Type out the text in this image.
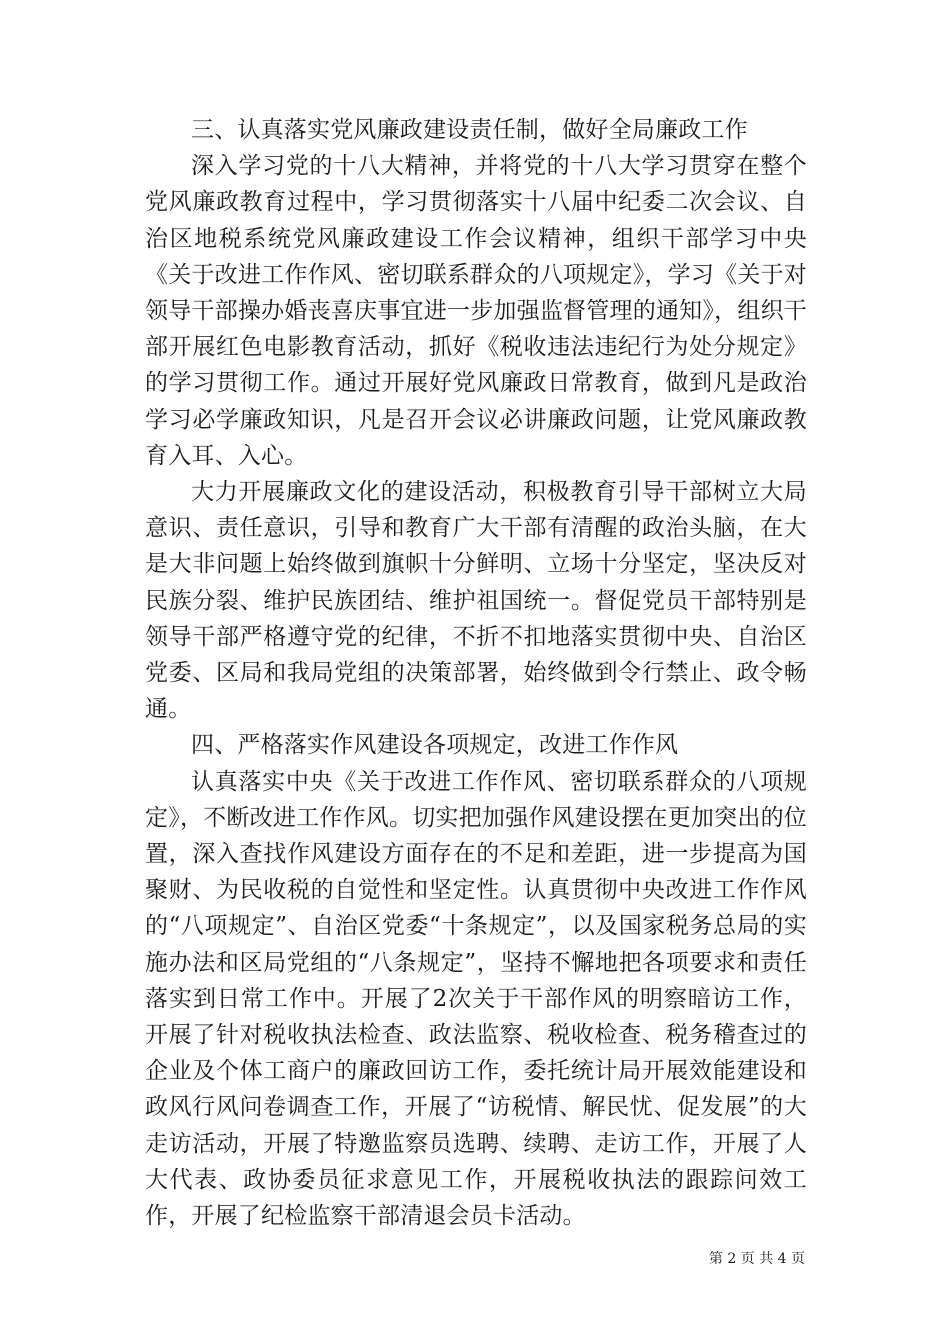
三、认真落实党风廉政建设责任制，做好全局廉政工作

深入学习党的十八大精神，并将党的十八大学习贯穿在整个党风廉政教育过程中，学习贯彻落实十八届中纪委二次会议、自治区地税系统党风廉政建设工作会议精神，组织干部学习中央《关于改进工作作风、密切联系群众的八项规定》，学习《关于对领导干部操办婚丧喜庆事宜进一步加强监督管理的通知》，组织干部开展红色电影教育活动，抓好《税收违法违纪行为处分规定》的学习贯彻工作。通过开展好党风廉政日常教育，做到凡是政治学习必学廉政知识，凡是召开会议必讲廉政问题，让党风廉政教育入耳、入心。

大力开展廉政文化的建设活动，积极教育引导干部树立大局意识、责任意识，引导和教育广大干部有清醒的政治头脑，在大是大非问题上始终做到旗帜十分鲜明、立场十分坚定，坚决反对民族分裂、维护民族团结、维护祖国统一。督促党员干部特别是领导干部严格遵守党的纪律，不折不扣地落实贯彻中央、自治区党委、区局和我局党组的决策部署，始终做到令行禁止、政令畅通。

四、严格落实作风建设各项规定，改进工作作风

认真落实中央《关于改进工作作风、密切联系群众的八项规定》，不断改进工作作风。切实把加强作风建设摆在更加突出的位置，深入查找作风建设方面存在的不足和差距，进一步提高为国聚财、为民收税的自觉性和坚定性。认真贯彻中央改进工作作风的“八项规定”、自治区党委“十条规定”，以及国家税务总局的实施办法和区局党组的“八条规定”，坚持不懈地把各项要求和责任落实到日常工作中。开展了2次关于干部作风的明察暗访工作，开展了针对税收执法检查、政法监察、税收检查、税务稽查过的企业及个体工商户的廉政回访工作，委托统计局开展效能建设和政风行风问卷调查工作，开展了“访税情、解民忧、促发展”的大走访活动，开展了特邀监察员选聘、续聘、走访工作，开展了人大代表、政协委员征求意见工作，开展税收执法的跟踪问效工作，开展了纪检监察干部清退会员卡活动。

第 2 页 共 4 页
